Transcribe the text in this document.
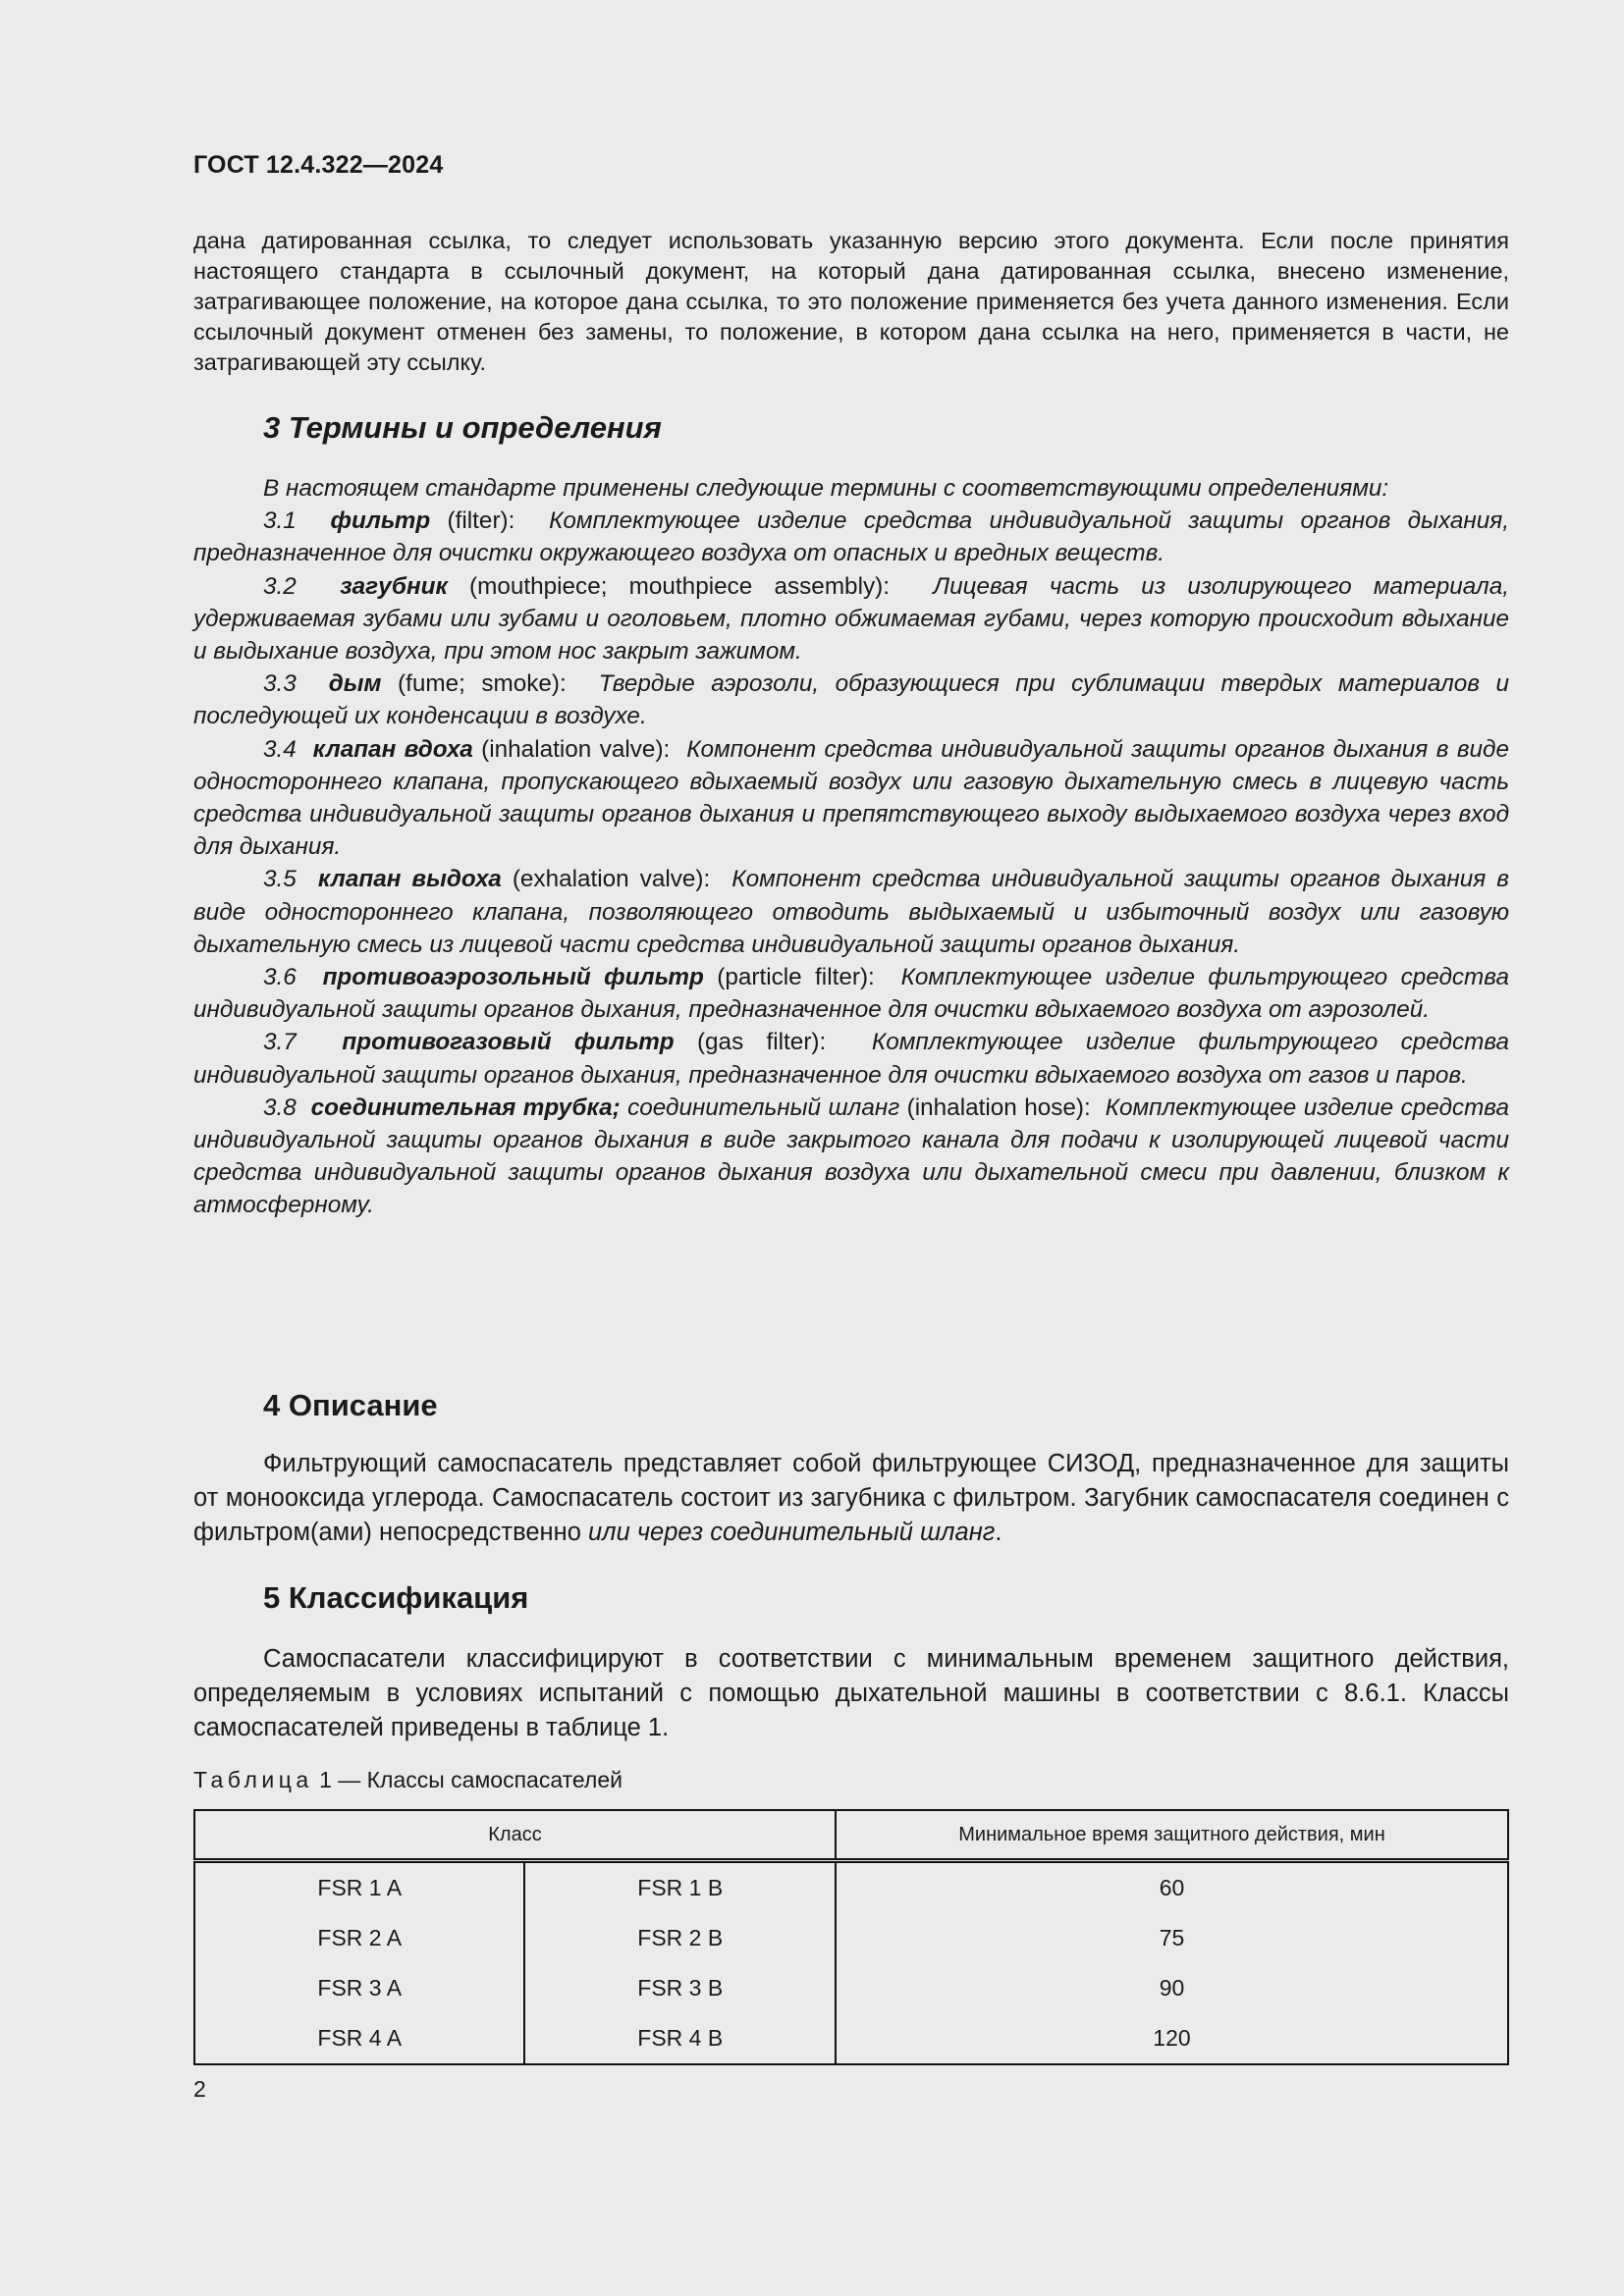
ГОСТ 12.4.322—2024

дана датированная ссылка, то следует использовать указанную версию этого документа. Если после принятия настоящего стандарта в ссылочный документ, на который дана датированная ссылка, внесено изменение, затрагивающее положение, на которое дана ссылка, то это положение применяется без учета данного изменения. Если ссылочный документ отменен без замены, то положение, в котором дана ссылка на него, применяется в части, не затрагивающей эту ссылку.

3 Термины и определения

В настоящем стандарте применены следующие термины с соответствующими определениями:

3.1 фильтр (filter): Комплектующее изделие средства индивидуальной защиты органов дыхания, предназначенное для очистки окружающего воздуха от опасных и вредных веществ.

3.2 загубник (mouthpiece; mouthpiece assembly): Лицевая часть из изолирующего материала, удерживаемая зубами или зубами и оголовьем, плотно обжимаемая губами, через которую происходит вдыхание и выдыхание воздуха, при этом нос закрыт зажимом.

3.3 дым (fume; smoke): Твердые аэрозоли, образующиеся при сублимации твердых материалов и последующей их конденсации в воздухе.

3.4 клапан вдоха (inhalation valve): Компонент средства индивидуальной защиты органов дыхания в виде одностороннего клапана, пропускающего вдыхаемый воздух или газовую дыхательную смесь в лицевую часть средства индивидуальной защиты органов дыхания и препятствующего выходу выдыхаемого воздуха через вход для дыхания.

3.5 клапан выдоха (exhalation valve): Компонент средства индивидуальной защиты органов дыхания в виде одностороннего клапана, позволяющего отводить выдыхаемый и избыточный воздух или газовую дыхательную смесь из лицевой части средства индивидуальной защиты органов дыхания.

3.6 противоаэрозольный фильтр (particle filter): Комплектующее изделие фильтрующего средства индивидуальной защиты органов дыхания, предназначенное для очистки вдыхаемого воздуха от аэрозолей.

3.7 противогазовый фильтр (gas filter): Комплектующее изделие фильтрующего средства индивидуальной защиты органов дыхания, предназначенное для очистки вдыхаемого воздуха от газов и паров.

3.8 соединительная трубка; соединительный шланг (inhalation hose): Комплектующее изделие средства индивидуальной защиты органов дыхания в виде закрытого канала для подачи к изолирующей лицевой части средства индивидуальной защиты органов дыхания воздуха или дыхательной смеси при давлении, близком к атмосферному.

4 Описание

Фильтрующий самоспасатель представляет собой фильтрующее СИЗОД, предназначенное для защиты от монооксида углерода. Самоспасатель состоит из загубника с фильтром. Загубник самоспасателя соединен с фильтром(ами) непосредственно или через соединительный шланг.

5 Классификация

Самоспасатели классифицируют в соответствии с минимальным временем защитного действия, определяемым в условиях испытаний с помощью дыхательной машины в соответствии с 8.6.1. Классы самоспасателей приведены в таблице 1.

Таблица 1 — Классы самоспасателей
Класс		Минимальное время защитного действия, мин
FSR 1 A	FSR 1 B	60
FSR 2 A	FSR 2 B	75
FSR 3 A	FSR 3 B	90
FSR 4 A	FSR 4 B	120
2
